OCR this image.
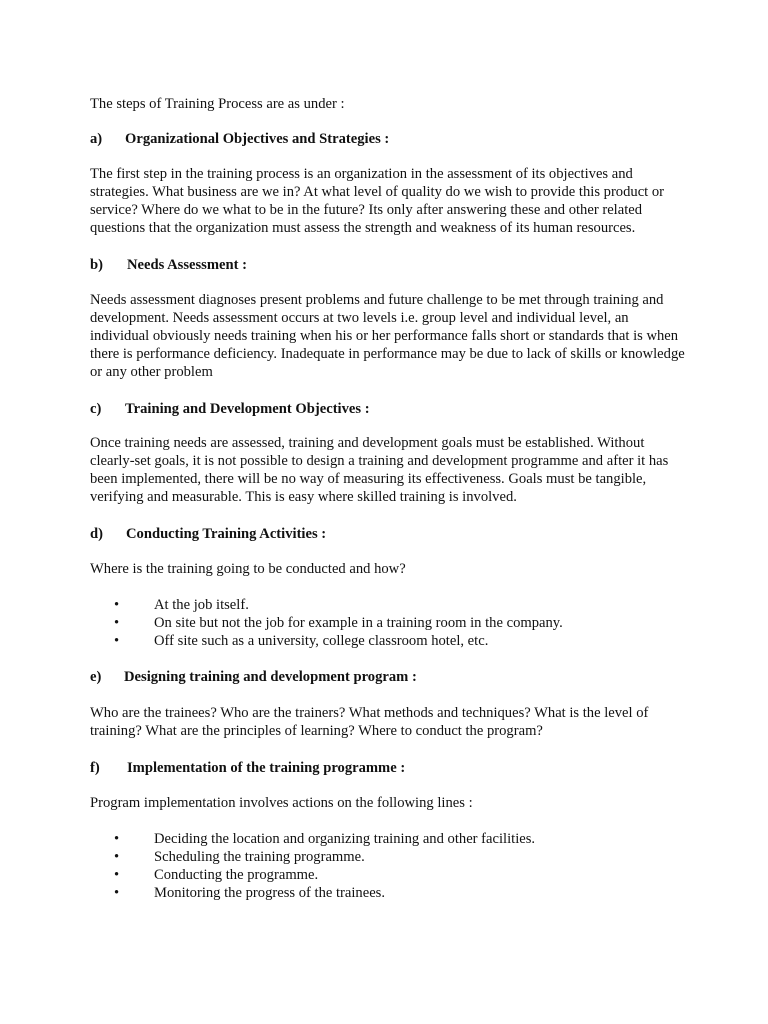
The steps of Training Process are as under :

a) Organizational Objectives and Strategies :

The first step in the training process is an organization in the assessment of its objectives and strategies. What business are we in? At what level of quality do we wish to provide this product or service? Where do we what to be in the future? Its only after answering these and other related questions that the organization must assess the strength and weakness of its human resources.

b) Needs Assessment :

Needs assessment diagnoses present problems and future challenge to be met through training and development. Needs assessment occurs at two levels i.e. group level and individual level, an individual obviously needs training when his or her performance falls short or standards that is when there is performance deficiency. Inadequate in performance may be due to lack of skills or knowledge or any other problem

c) Training and Development Objectives :

Once training needs are assessed, training and development goals must be established. Without clearly-set goals, it is not possible to design a training and development programme and after it has been implemented, there will be no way of measuring its effectiveness. Goals must be tangible, verifying and measurable. This is easy where skilled training is involved.

d) Conducting Training Activities :

Where is the training going to be conducted and how?

• At the job itself.
• On site but not the job for example in a training room in the company.
• Off site such as a university, college classroom hotel, etc.
e) Designing training and development program :

Who are the trainees? Who are the trainers? What methods and techniques? What is the level of training? What are the principles of learning? Where to conduct the program?

f) Implementation of the training programme :

Program implementation involves actions on the following lines :

• Deciding the location and organizing training and other facilities.
• Scheduling the training programme.
• Conducting the programme.
• Monitoring the progress of the trainees.
